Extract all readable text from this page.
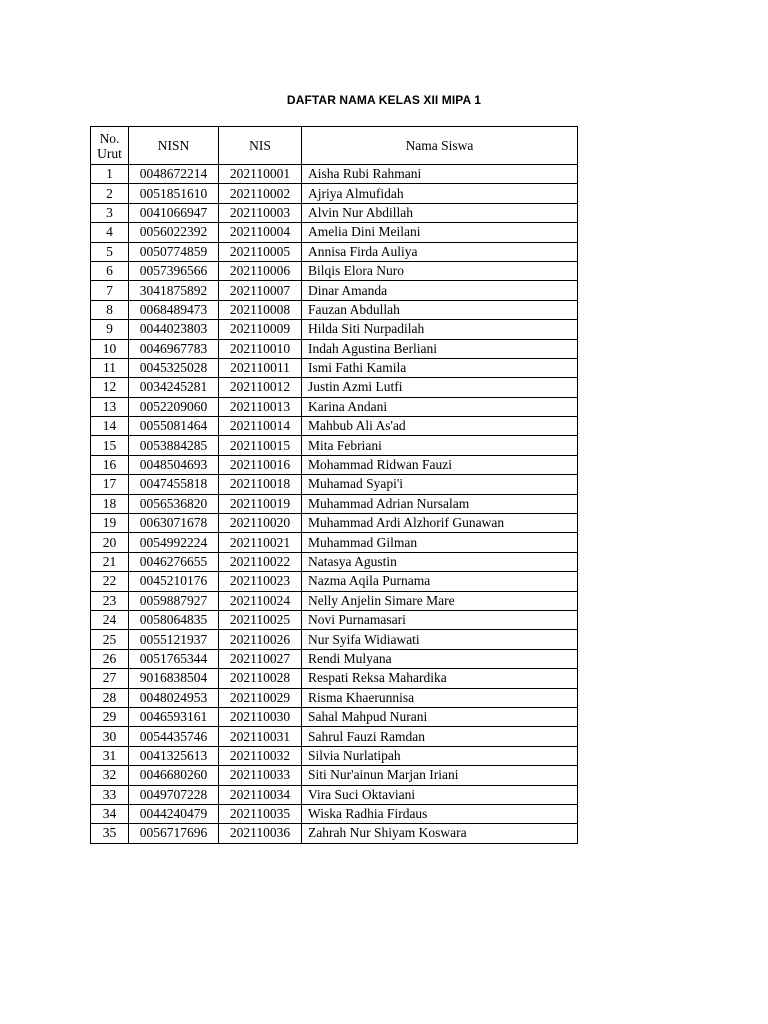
DAFTAR NAMA KELAS XII MIPA 1
No.
Urut	NISN	NIS	Nama Siswa
1	0048672214	202110001	Aisha Rubi Rahmani
2	0051851610	202110002	Ajriya Almufidah
3	0041066947	202110003	Alvin Nur Abdillah
4	0056022392	202110004	Amelia Dini Meilani
5	0050774859	202110005	Annisa Firda Auliya
6	0057396566	202110006	Bilqis Elora Nuro
7	3041875892	202110007	Dinar Amanda
8	0068489473	202110008	Fauzan Abdullah
9	0044023803	202110009	Hilda Siti Nurpadilah
10	0046967783	202110010	Indah Agustina Berliani
11	0045325028	202110011	Ismi Fathi Kamila
12	0034245281	202110012	Justin Azmi Lutfi
13	0052209060	202110013	Karina Andani
14	0055081464	202110014	Mahbub Ali As'ad
15	0053884285	202110015	Mita Febriani
16	0048504693	202110016	Mohammad Ridwan Fauzi
17	0047455818	202110018	Muhamad Syapi'i
18	0056536820	202110019	Muhammad Adrian Nursalam
19	0063071678	202110020	Muhammad Ardi Alzhorif Gunawan
20	0054992224	202110021	Muhammad Gilman
21	0046276655	202110022	Natasya Agustin
22	0045210176	202110023	Nazma Aqila Purnama
23	0059887927	202110024	Nelly Anjelin Simare Mare
24	0058064835	202110025	Novi Purnamasari
25	0055121937	202110026	Nur Syifa Widiawati
26	0051765344	202110027	Rendi Mulyana
27	9016838504	202110028	Respati Reksa Mahardika
28	0048024953	202110029	Risma Khaerunnisa
29	0046593161	202110030	Sahal Mahpud Nurani
30	0054435746	202110031	Sahrul Fauzi Ramdan
31	0041325613	202110032	Silvia Nurlatipah
32	0046680260	202110033	Siti Nur'ainun Marjan Iriani
33	0049707228	202110034	Vira Suci Oktaviani
34	0044240479	202110035	Wiska Radhia Firdaus
35	0056717696	202110036	Zahrah Nur Shiyam Koswara
